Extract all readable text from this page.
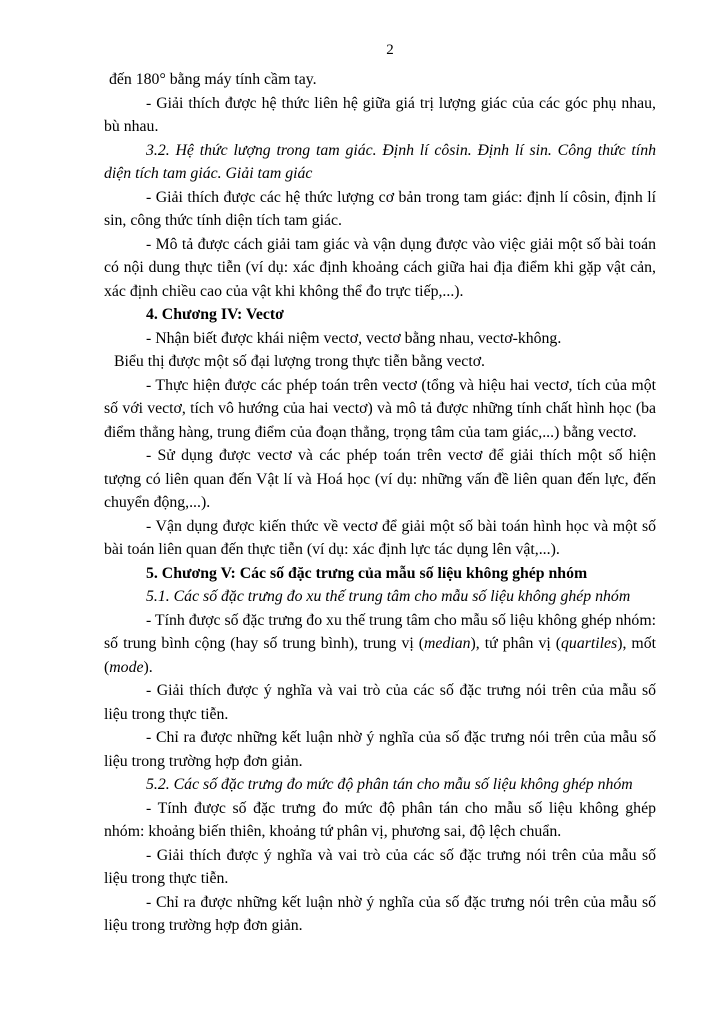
2

đến 180° bằng máy tính cầm tay.

- Giải thích được hệ thức liên hệ giữa giá trị lượng giác của các góc phụ nhau, bù nhau.

3.2. Hệ thức lượng trong tam giác. Định lí côsin. Định lí sin. Công thức tính diện tích tam giác. Giải tam giác

- Giải thích được các hệ thức lượng cơ bản trong tam giác: định lí côsin, định lí sin, công thức tính diện tích tam giác.

- Mô tả được cách giải tam giác và vận dụng được vào việc giải một số bài toán có nội dung thực tiễn (ví dụ: xác định khoảng cách giữa hai địa điểm khi gặp vật cản, xác định chiều cao của vật khi không thể đo trực tiếp,...).

4. Chương IV: Vectơ

- Nhận biết được khái niệm vectơ, vectơ bằng nhau, vectơ-không.

Biểu thị được một số đại lượng trong thực tiễn bằng vectơ.

- Thực hiện được các phép toán trên vectơ (tổng và hiệu hai vectơ, tích của một số với vectơ, tích vô hướng của hai vectơ) và mô tả được những tính chất hình học (ba điểm thẳng hàng, trung điểm của đoạn thẳng, trọng tâm của tam giác,...) bằng vectơ.

- Sử dụng được vectơ và các phép toán trên vectơ để giải thích một số hiện tượng có liên quan đến Vật lí và Hoá học (ví dụ: những vấn đề liên quan đến lực, đến chuyển động,...).

- Vận dụng được kiến thức về vectơ để giải một số bài toán hình học và một số bài toán liên quan đến thực tiễn (ví dụ: xác định lực tác dụng lên vật,...).

5. Chương V: Các số đặc trưng của mẫu số liệu không ghép nhóm

5.1. Các số đặc trưng đo xu thế trung tâm cho mẫu số liệu không ghép nhóm

- Tính được số đặc trưng đo xu thế trung tâm cho mẫu số liệu không ghép nhóm: số trung bình cộng (hay số trung bình), trung vị (median), tứ phân vị (quartiles), mốt (mode).

- Giải thích được ý nghĩa và vai trò của các số đặc trưng nói trên của mẫu số liệu trong thực tiễn.

- Chỉ ra được những kết luận nhờ ý nghĩa của số đặc trưng nói trên của mẫu số liệu trong trường hợp đơn giản.

5.2. Các số đặc trưng đo mức độ phân tán cho mẫu số liệu không ghép nhóm

- Tính được số đặc trưng đo mức độ phân tán cho mẫu số liệu không ghép nhóm: khoảng biến thiên, khoảng tứ phân vị, phương sai, độ lệch chuẩn.

- Giải thích được ý nghĩa và vai trò của các số đặc trưng nói trên của mẫu số liệu trong thực tiễn.

- Chỉ ra được những kết luận nhờ ý nghĩa của số đặc trưng nói trên của mẫu số liệu trong trường hợp đơn giản.
